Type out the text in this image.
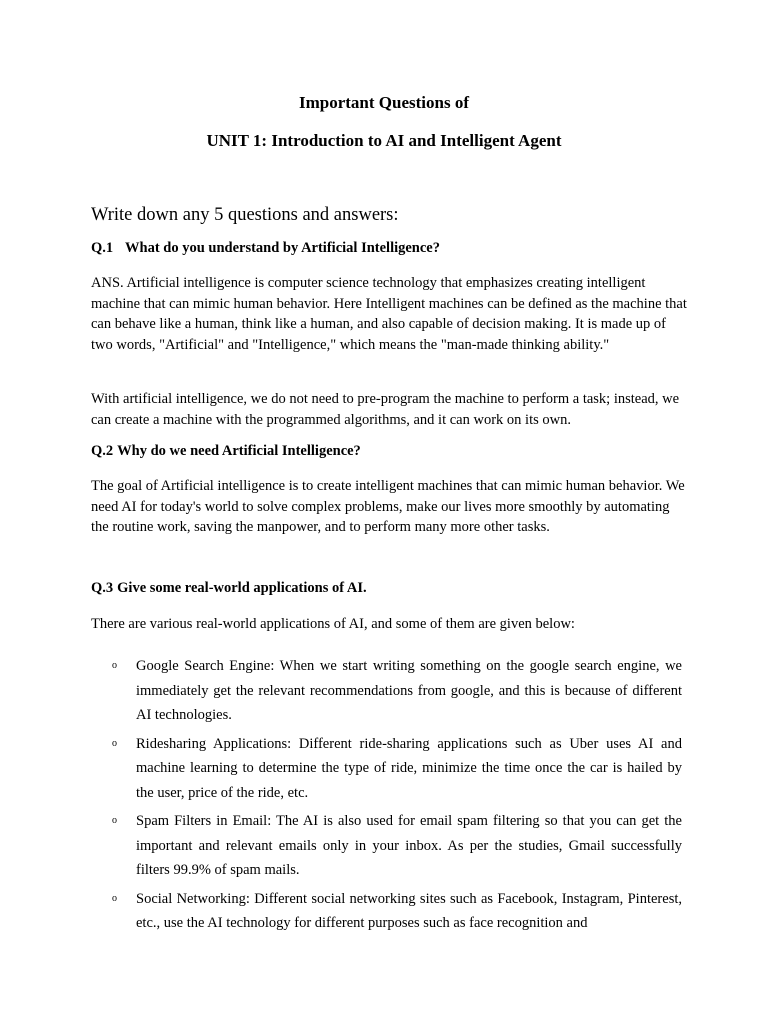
Important Questions of
UNIT 1: Introduction to AI and Intelligent Agent

Write down any 5 questions and answers:

Q.1 What do you understand by Artificial Intelligence?

ANS. Artificial intelligence is computer science technology that emphasizes creating intelligent machine that can mimic human behavior. Here Intelligent machines can be defined as the machine that can behave like a human, think like a human, and also capable of decision making. It is made up of two words, "Artificial" and "Intelligence," which means the "man-made thinking ability."

With artificial intelligence, we do not need to pre-program the machine to perform a task; instead, we can create a machine with the programmed algorithms, and it can work on its own.

Q.2 Why do we need Artificial Intelligence?

The goal of Artificial intelligence is to create intelligent machines that can mimic human behavior. We need AI for today's world to solve complex problems, make our lives more smoothly by automating the routine work, saving the manpower, and to perform many more other tasks.

Q.3 Give some real-world applications of AI.

There are various real-world applications of AI, and some of them are given below:

o Google Search Engine: When we start writing something on the google search engine, we immediately get the relevant recommendations from google, and this is because of different AI technologies.
o Ridesharing Applications: Different ride-sharing applications such as Uber uses AI and machine learning to determine the type of ride, minimize the time once the car is hailed by the user, price of the ride, etc.
o Spam Filters in Email: The AI is also used for email spam filtering so that you can get the important and relevant emails only in your inbox. As per the studies, Gmail successfully filters 99.9% of spam mails.
o Social Networking: Different social networking sites such as Facebook, Instagram, Pinterest, etc., use the AI technology for different purposes such as face recognition and
